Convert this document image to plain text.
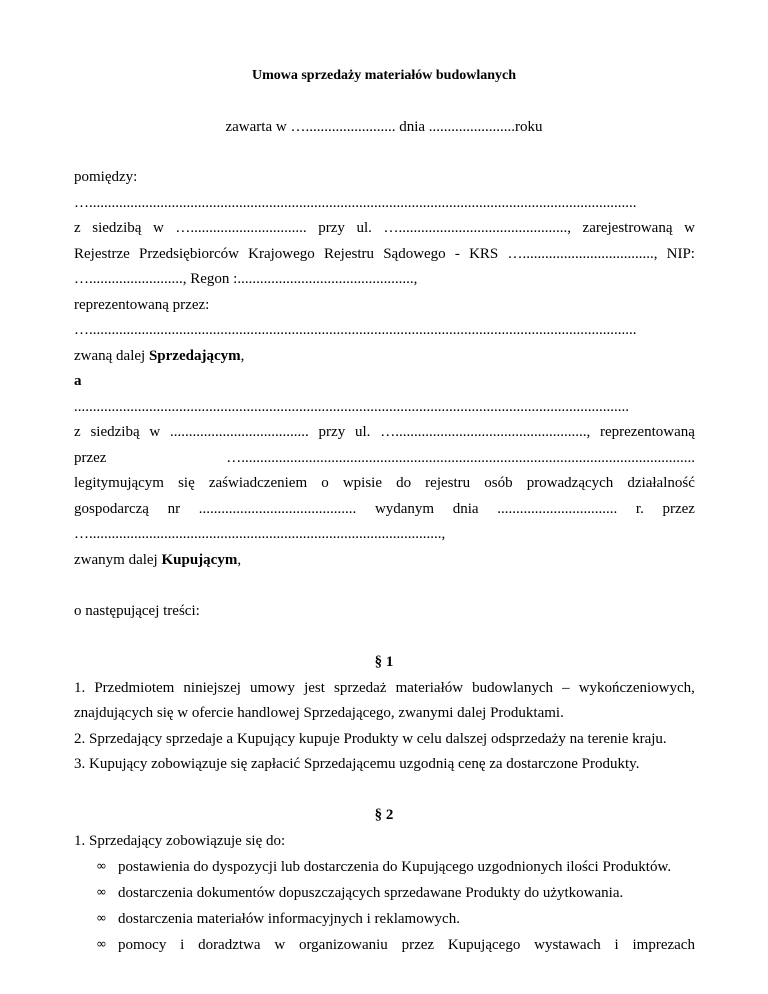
Umowa sprzedaży materiałów budowlanych
zawarta w …........................ dnia .......................roku
pomiędzy:
…..................................................................................................................................................
z siedzibą w …............................... przy ul. …............................................., zarejestrowaną w
Rejestrze Przedsiębiorców Krajowego Rejestru Sądowego - KRS …..................................., NIP:
…........................., Regon :...............................................,
reprezentowaną przez:
…..................................................................................................................................................
zwaną dalej Sprzedającym,
a
....................................................................................................................................................
z siedzibą w ..................................... przy ul. …..................................................., reprezentowaną
przez	….........................................................................................................................
legitymującym się zaświadczeniem o wpisie do rejestru osób prowadzących działalność
gospodarczą nr .......................................... wydanym dnia ................................ r. przez
…..............................................................................................,
zwanym dalej Kupującym,
o następującej treści:
§ 1
1. Przedmiotem niniejszej umowy jest sprzedaż materiałów budowlanych – wykończeniowych,
znajdujących się w ofercie handlowej Sprzedającego, zwanymi dalej Produktami.
2. Sprzedający sprzedaje a Kupujący kupuje Produkty w celu dalszej odsprzedaży na terenie kraju.
3. Kupujący zobowiązuje się zapłacić Sprzedającemu uzgodnią cenę za dostarczone Produkty.
§ 2
1. Sprzedający zobowiązuje się do:
∞ postawienia do dyspozycji lub dostarczenia do Kupującego uzgodnionych ilości Produktów.
∞ dostarczenia dokumentów dopuszczających sprzedawane Produkty do użytkowania.
∞ dostarczenia materiałów informacyjnych i reklamowych.
∞ pomocy i doradztwa w organizowaniu przez Kupującego wystawach i imprezach
